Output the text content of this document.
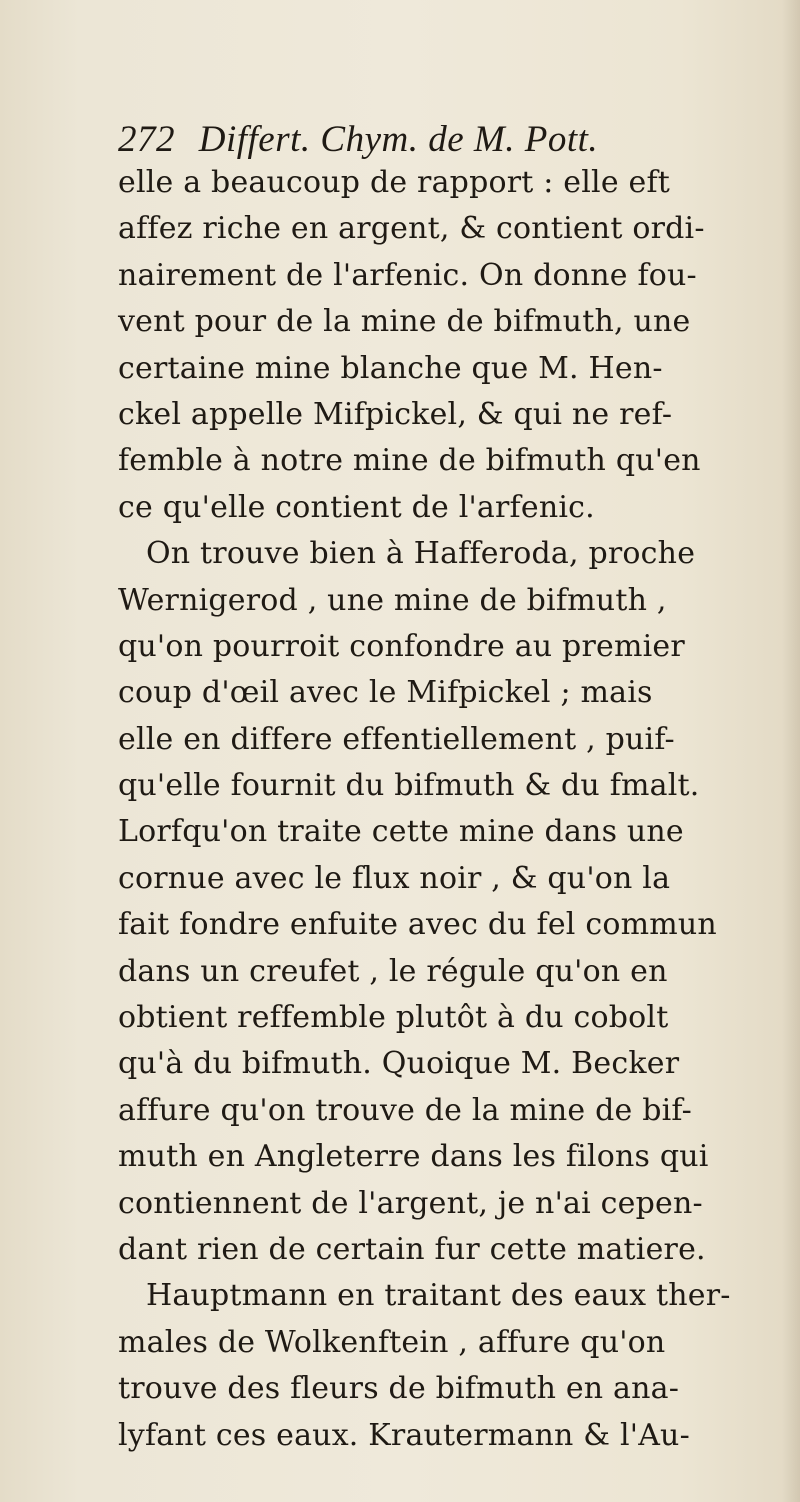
272 Differt. Chym. de M. Pott.
elle a beaucoup de rapport : elle eft
affez riche en argent, & contient ordi-
nairement de l'arfenic. On donne fou-
vent pour de la mine de bifmuth, une
certaine mine blanche que M. Hen-
ckel appelle Mifpickel, & qui ne ref-
femble à notre mine de bifmuth qu'en
ce qu'elle contient de l'arfenic.
On trouve bien à Hafferoda, proche
Wernigerod , une mine de bifmuth ,
qu'on pourroit confondre au premier
coup d'œil avec le Mifpickel ; mais
elle en differe effentiellement , puif-
qu'elle fournit du bifmuth & du fmalt.
Lorfqu'on traite cette mine dans une
cornue avec le flux noir , & qu'on la
fait fondre enfuite avec du fel commun
dans un creufet , le régule qu'on en
obtient reffemble plutôt à du cobolt
qu'à du bifmuth. Quoique M. Becker
affure qu'on trouve de la mine de bif-
muth en Angleterre dans les filons qui
contiennent de l'argent, je n'ai cepen-
dant rien de certain fur cette matiere.
Hauptmann en traitant des eaux ther-
males de Wolkenftein , affure qu'on
trouve des fleurs de bifmuth en ana-
lyfant ces eaux. Krautermann & l'Au-
